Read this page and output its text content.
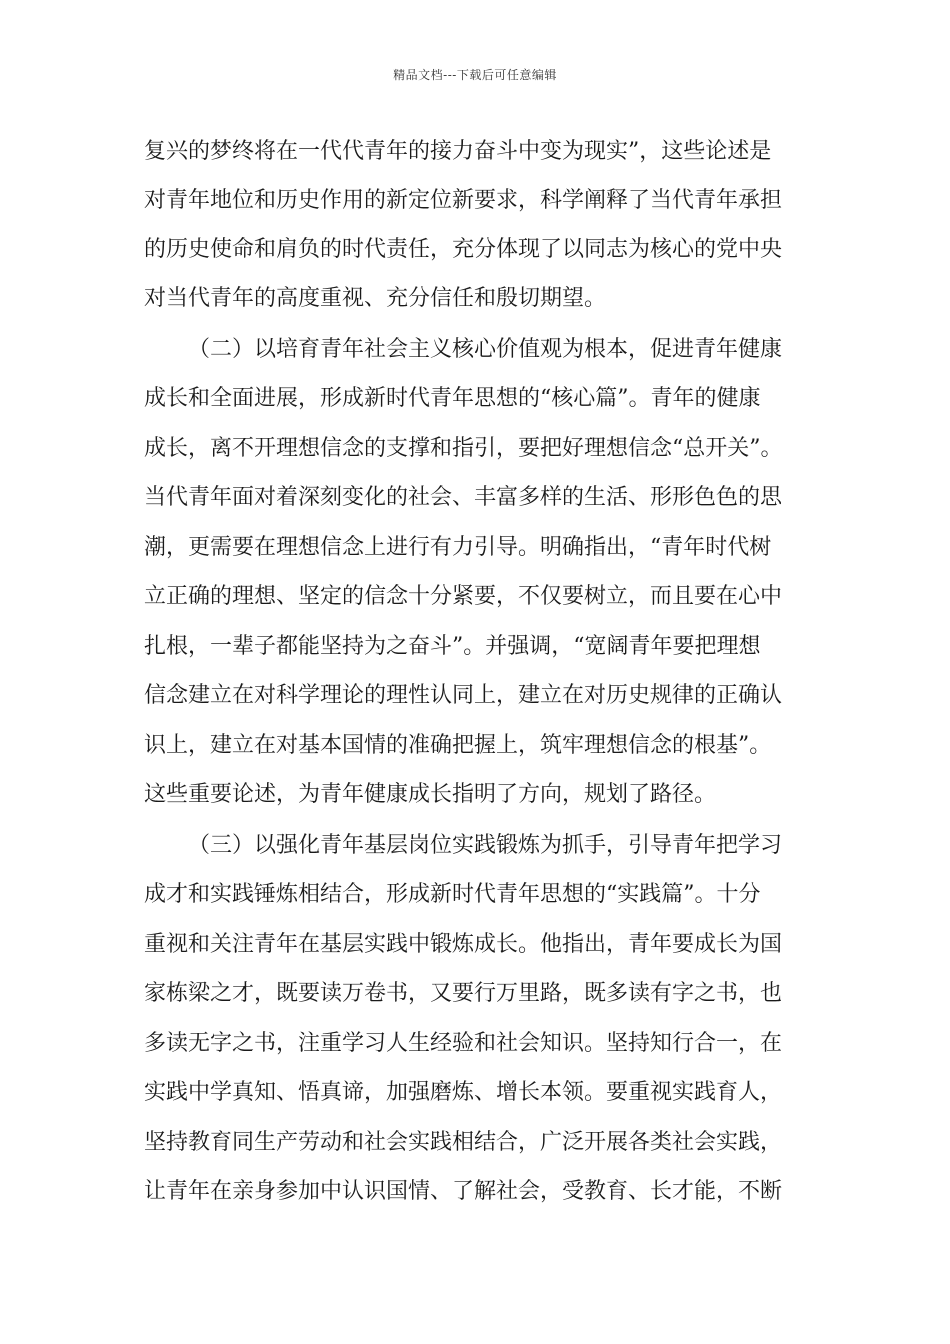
精品文档---下载后可任意编辑
复兴的梦终将在一代代青年的接力奋斗中变为现实”，这些论述是
对青年地位和历史作用的新定位新要求，科学阐释了当代青年承担
的历史使命和肩负的时代责任，充分体现了以同志为核心的党中央
对当代青年的高度重视、充分信任和殷切期望。
（二）以培育青年社会主义核心价值观为根本，促进青年健康
成长和全面进展，形成新时代青年思想的“核心篇”。青年的健康
成长，离不开理想信念的支撑和指引，要把好理想信念“总开关”。
当代青年面对着深刻变化的社会、丰富多样的生活、形形色色的思
潮，更需要在理想信念上进行有力引导。明确指出，“青年时代树
立正确的理想、坚定的信念十分紧要，不仅要树立，而且要在心中
扎根，一辈子都能坚持为之奋斗”。并强调，“宽阔青年要把理想
信念建立在对科学理论的理性认同上，建立在对历史规律的正确认
识上，建立在对基本国情的准确把握上，筑牢理想信念的根基”。
这些重要论述，为青年健康成长指明了方向，规划了路径。
（三）以强化青年基层岗位实践锻炼为抓手，引导青年把学习
成才和实践锤炼相结合，形成新时代青年思想的“实践篇”。十分
重视和关注青年在基层实践中锻炼成长。他指出，青年要成长为国
家栋梁之才，既要读万卷书，又要行万里路，既多读有字之书，也
多读无字之书，注重学习人生经验和社会知识。坚持知行合一，在
实践中学真知、悟真谛，加强磨炼、增长本领。要重视实践育人，
坚持教育同生产劳动和社会实践相结合，广泛开展各类社会实践，
让青年在亲身参加中认识国情、了解社会，受教育、长才能，不断
